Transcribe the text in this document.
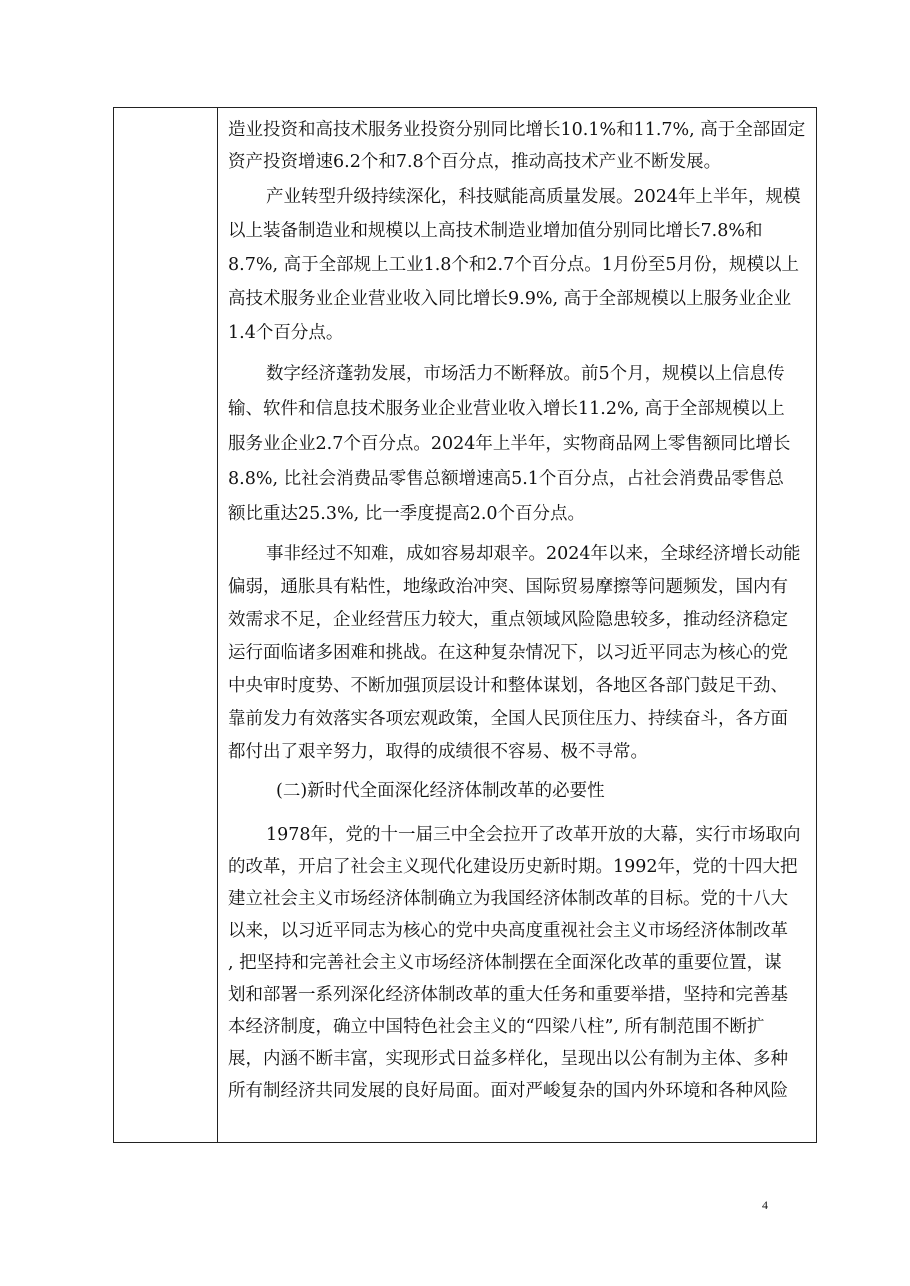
造业投资和高技术服务业投资分别同比增长10.1%和11.7%, 高于全部固定
资产投资增速6.2个和7.8个百分点，推动高技术产业不断发展。
产业转型升级持续深化，科技赋能高质量发展。2024年上半年，规模
以上装备制造业和规模以上高技术制造业增加值分别同比增长7.8%和
8.7%, 高于全部规上工业1.8个和2.7个百分点。1月份至5月份，规模以上
高技术服务业企业营业收入同比增长9.9%, 高于全部规模以上服务业企业
1.4个百分点。
数字经济蓬勃发展，市场活力不断释放。前5个月，规模以上信息传
输、软件和信息技术服务业企业营业收入增长11.2%, 高于全部规模以上
服务业企业2.7个百分点。2024年上半年，实物商品网上零售额同比增长
8.8%, 比社会消费品零售总额增速高5.1个百分点，占社会消费品零售总
额比重达25.3%, 比一季度提高2.0个百分点。
事非经过不知难，成如容易却艰辛。2024年以来，全球经济增长动能
偏弱，通胀具有粘性，地缘政治冲突、国际贸易摩擦等问题频发，国内有
效需求不足，企业经营压力较大，重点领域风险隐患较多，推动经济稳定
运行面临诸多困难和挑战。在这种复杂情况下，以习近平同志为核心的党
中央审时度势、不断加强顶层设计和整体谋划，各地区各部门鼓足干劲、
靠前发力有效落实各项宏观政策，全国人民顶住压力、持续奋斗，各方面
都付出了艰辛努力，取得的成绩很不容易、极不寻常。
(二)新时代全面深化经济体制改革的必要性
1978年，党的十一届三中全会拉开了改革开放的大幕，实行市场取向
的改革，开启了社会主义现代化建设历史新时期。1992年，党的十四大把
建立社会主义市场经济体制确立为我国经济体制改革的目标。党的十八大
以来，以习近平同志为核心的党中央高度重视社会主义市场经济体制改革
, 把坚持和完善社会主义市场经济体制摆在全面深化改革的重要位置，谋
划和部署一系列深化经济体制改革的重大任务和重要举措，坚持和完善基
本经济制度，确立中国特色社会主义的“四梁八柱”, 所有制范围不断扩
展，内涵不断丰富，实现形式日益多样化，呈现出以公有制为主体、多种
所有制经济共同发展的良好局面。面对严峻复杂的国内外环境和各种风险
4
